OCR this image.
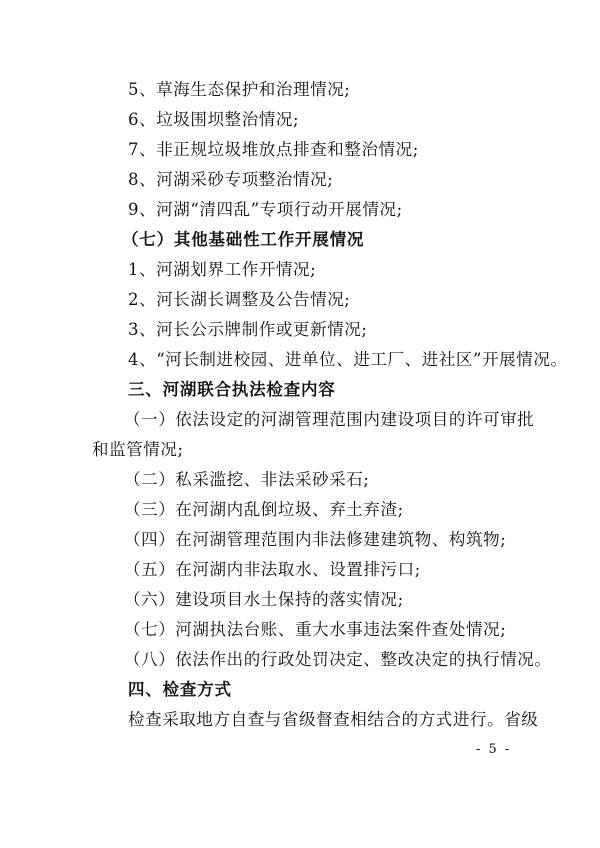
5、草海生态保护和治理情况;
6、垃圾围坝整治情况;
7、非正规垃圾堆放点排查和整治情况;
8、河湖采砂专项整治情况;
9、河湖“清四乱”专项行动开展情况;
（七）其他基础性工作开展情况
1、河湖划界工作开情况;
2、河长湖长调整及公告情况;
3、河长公示牌制作或更新情况;
4、“河长制进校园、进单位、进工厂、进社区”开展情况。
三、河湖联合执法检查内容
（一）依法设定的河湖管理范围内建设项目的许可审批
和监管情况;
（二）私采滥挖、非法采砂采石;
（三）在河湖内乱倒垃圾、弃土弃渣;
（四）在河湖管理范围内非法修建建筑物、构筑物;
（五）在河湖内非法取水、设置排污口;
（六）建设项目水土保持的落实情况;
（七）河湖执法台账、重大水事违法案件查处情况;
（八）依法作出的行政处罚决定、整改决定的执行情况。
四、检查方式
检查采取地方自查与省级督查相结合的方式进行。省级
- 5 -
